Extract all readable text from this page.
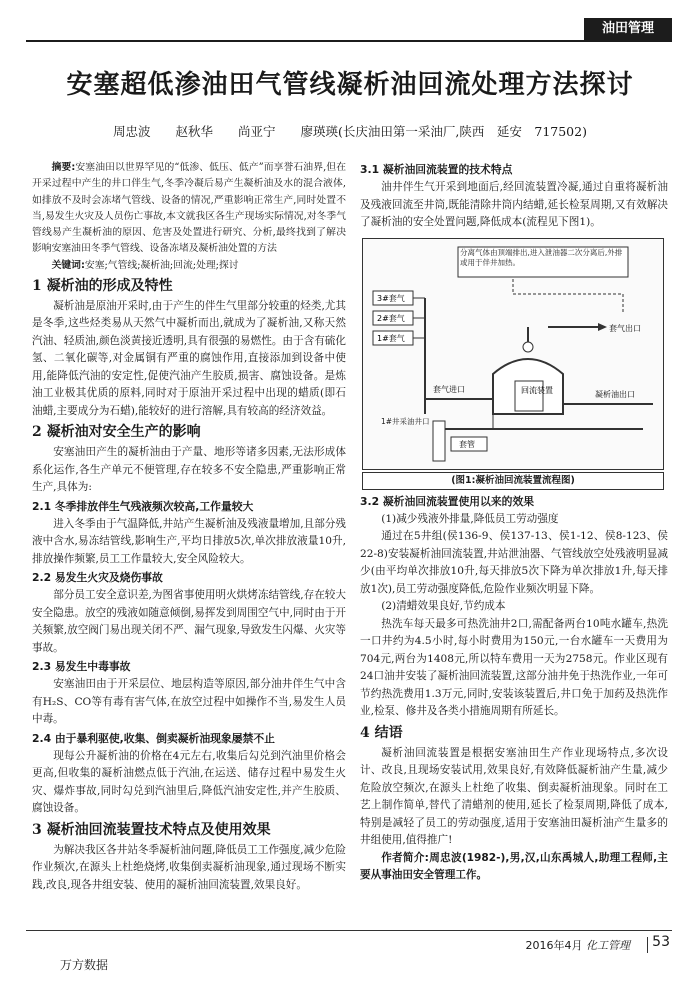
油田管理
安塞超低渗油田气管线凝析油回流处理方法探讨
周忠波　　赵秋华　　尚亚宁　　廖瑛瑛(长庆油田第一采油厂,陕西　延安　717502)

摘要:安塞油田以世界罕见的“低渗、低压、低产”而享誉石油界,但在开采过程中产生的井口伴生气,冬季冷凝后易产生凝析油及水的混合液体,如排放不及时会冻堵气管线、设备的情况,严重影响正常生产,同时处置不当,易发生火灾及人员伤亡事故,本文就我区各生产现场实际情况,对冬季气管线易产生凝析油的原因、危害及处置进行研究、分析,最终找到了解决影响安塞油田冬季气管线、设备冻堵及凝析油处置的方法

关键词:安塞;气管线;凝析油;回流;处理;探讨

1 凝析油的形成及特性

凝析油是原油开采时,由于产生的伴生气里部分较重的烃类,尤其是冬季,这些烃类易从天然气中凝析而出,就成为了凝析油,又称天然汽油、轻质油,颜色淡黄接近透明,具有很强的易燃性。由于含有硫化氢、二氧化碳等,对金属铜有严重的腐蚀作用,直接添加到设备中使用,能降低汽油的安定性,促使汽油产生胶质,损害、腐蚀设备。是炼油工业极其优质的原料,同时对于原油开采过程中出现的蜡质(即石油蜡,主要成分为石蜡),能较好的进行溶解,具有较高的经济效益。

2 凝析油对安全生产的影响

安塞油田产生的凝析油由于产量、地形等诸多因素,无法形成体系化运作,各生产单元不便管理,存在较多不安全隐患,严重影响正常生产,具体为:

2.1 冬季排放伴生气残液频次较高,工作量较大

进入冬季由于气温降低,井站产生凝析油及残液量增加,且部分残液中含水,易冻结管线,影响生产,平均日排放5次,单次排放液量10升,排放操作频繁,员工工作量较大,安全风险较大。

2.2 易发生火灾及烧伤事故

部分员工安全意识差,为图省事使用明火烘烤冻结管线,存在较大安全隐患。放空的残液如随意倾倒,易挥发到周围空气中,同时由于开关频繁,放空阀门易出现关闭不严、漏气现象,导致发生闪爆、火灾等事故。

2.3 易发生中毒事故

安塞油田由于开采层位、地层构造等原因,部分油井伴生气中含有H₂S、CO等有毒有害气体,在放空过程中如操作不当,易发生人员中毒。

2.4 由于暴利驱使,收集、倒卖凝析油现象屡禁不止

现每公升凝析油的价格在4元左右,收集后勾兑到汽油里价格会更高,但收集的凝析油燃点低于汽油,在运送、储存过程中易发生火灾、爆炸事故,同时勾兑到汽油里后,降低汽油安定性,并产生胶质、腐蚀设备。

3 凝析油回流装置技术特点及使用效果

为解决我区各井站冬季凝析油问题,降低员工工作强度,减少危险作业频次,在源头上杜绝烧烤,收集倒卖凝析油现象,通过现场不断实践,改良,现各井组安装、使用的凝析油回流装置,效果良好。

3.1 凝析油回流装置的技术特点

油井伴生气开采到地面后,经回流装置冷凝,通过自重将凝析油及残液回流至井筒,既能清除井筒内结蜡,延长检泵周期,又有效解决了凝析油的安全处置问题,降低成本(流程见下图1)。

分离气体由顶端排出,进入泄油器二次分离后,外排或用于伴井加热。
3#套气
2#套气
1#套气
套气出口
回流装置
套气进口
凝析油出口
1#井采油井口
套管
(图1:凝析油回流装置流程图)
3.2 凝析油回流装置使用以来的效果

(1)减少残液外排量,降低员工劳动强度

通过在5井组(侯136-9、侯137-13、侯1-12、侯8-123、侯22-8)安装凝析油回流装置,井站泄油器、气管线放空处残液明显减少(由平均单次排放10升,每天排放5次下降为单次排放1升,每天排放1次),员工劳动强度降低,危险作业频次明显下降。

(2)清蜡效果良好,节约成本

热洗车每天最多可热洗油井2口,需配备两台10吨水罐车,热洗一口井约为4.5小时,每小时费用为150元,一台水罐车一天费用为704元,两台为1408元,所以特车费用一天为2758元。作业区现有24口油井安装了凝析油回流装置,这部分油井免于热洗作业,一年可节约热洗费用1.3万元,同时,安装该装置后,井口免于加药及热洗作业,检泵、修井及各类小措施周期有所延长。

4 结语

凝析油回流装置是根据安塞油田生产作业现场特点,多次设计、改良,且现场安装试用,效果良好,有效降低凝析油产生量,减少危险放空频次,在源头上杜绝了收集、倒卖凝析油现象。同时在工艺上制作简单,替代了清蜡剂的使用,延长了检泵周期,降低了成本,特别是减轻了员工的劳动强度,适用于安塞油田凝析油产生量多的井组使用,值得推广!

作者简介:周忠波(1982-),男,汉,山东禹城人,助理工程师,主要从事油田安全管理工作。

2016年4月 化工管理 53
万方数据
